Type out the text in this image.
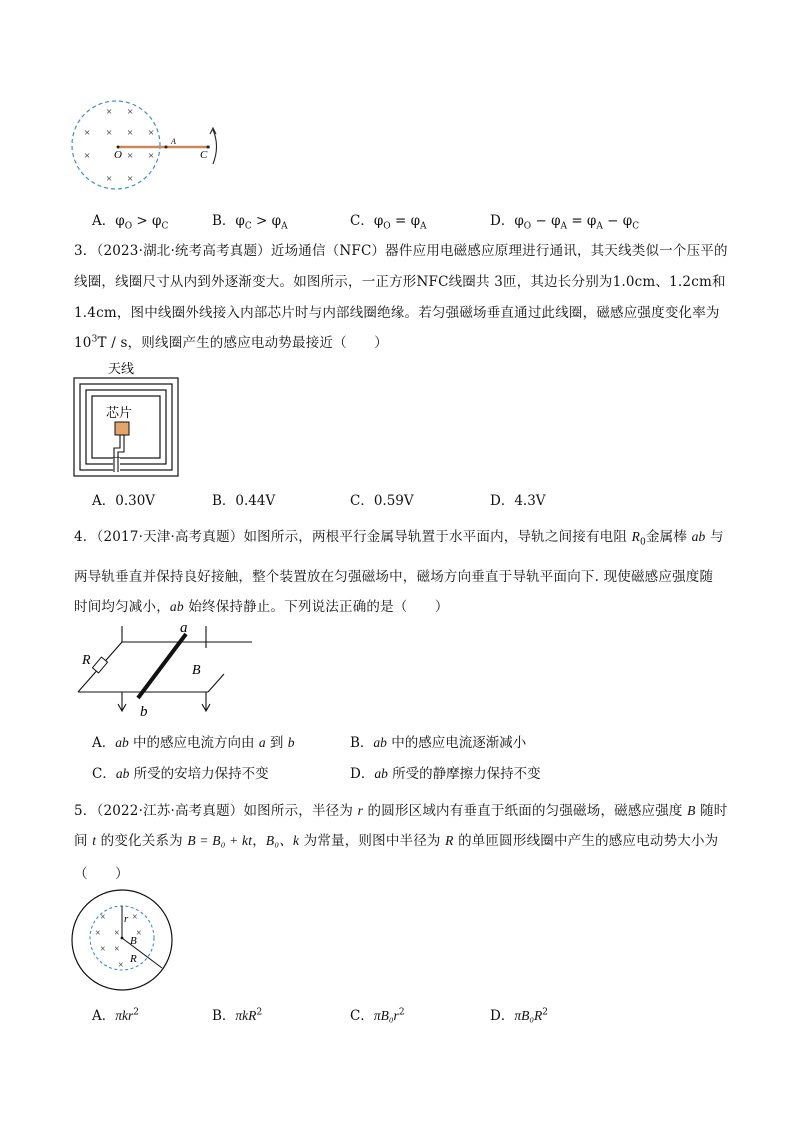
× ×
× × × ×
×	× ×
× ×
O
A
C
A．$\varphi_O > \varphi_C$	B．$\varphi_C > \varphi_A$	C．$\varphi_O = \varphi_A$	D．$\varphi_O - \varphi_A = \varphi_A - \varphi_C$
3．（2023·湖北·统考高考真题）近场通信（NFC）器件应用电磁感应原理进行通讯，其天线类似一个压平的
线圈，线圈尺寸从内到外逐渐变大。如图所示，一正方形NFC线圈共 3匝，其边长分别为1.0cm、1.2cm和
1.4cm，图中线圈外线接入内部芯片时与内部线圈绝缘。若匀强磁场垂直通过此线圈，磁感应强度变化率为
$10^3T$ / s，则线圈产生的感应电动势最接近（　　）
天线
芯片
A．0.30V	B．0.44V	C．0.59V	D．4.3V
4．（2017·天津·高考真题）如图所示，两根平行金属导轨置于水平面内，导轨之间接有电阻 $R_0$金属棒 ab 与
两导轨垂直并保持良好接触，整个装置放在匀强磁场中，磁场方向垂直于导轨平面向下. 现使磁感应强度随
时间均匀减小，ab 始终保持静止。下列说法正确的是（　　）
a
b
R
B
A．ab 中的感应电流方向由 a 到 b	B．ab 中的感应电流逐渐减小
C．ab 所受的安培力保持不变	D．ab 所受的静摩擦力保持不变
5．（2022·江苏·高考真题）如图所示，半径为 r 的圆形区域内有垂直于纸面的匀强磁场，磁感应强度 B 随时
间 t 的变化关系为 B = B₀ + kt，B₀、k 为常量，则图中半径为 R 的单匝圆形线圈中产生的感应电动势大小为
（　　）
×	×
× × ×
× ×
×
r
B
R
A．πkr$^2$	B．πkR$^2$	C．$\pi B_0r^2$	D．$\pi B_0R^2$
